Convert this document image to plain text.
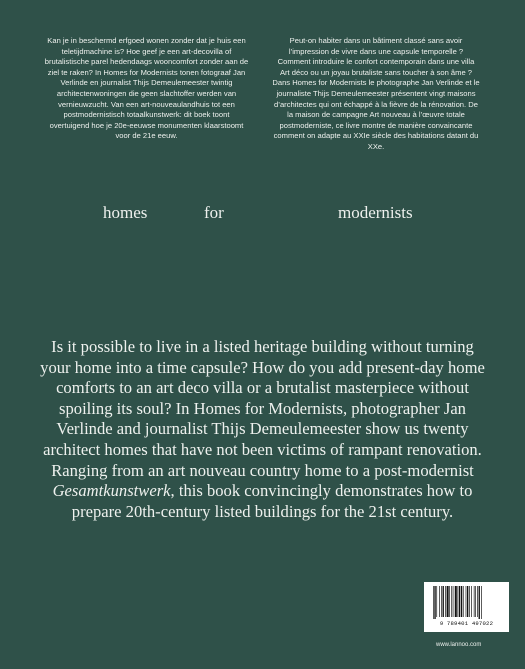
Kan je in beschermd erfgoed wonen zonder dat je huis een teletijdmachine is? Hoe geef je een art-decovilla of brutalistische parel hedendaags wooncomfort zonder aan de ziel te raken? In Homes for Modernists tonen fotograaf Jan Verlinde en journalist Thijs Demeulemeester twintig architectenwoningen die geen slachtoffer werden van vernieuwzucht. Van een art-nouveaulandhuis tot een postmodernistisch totaalkunstwerk: dit boek toont overtuigend hoe je 20e-eeuwse monumenten klaarstoomt voor de 21e eeuw.
Peut-on habiter dans un bâtiment classé sans avoir l’impression de vivre dans une capsule temporelle ? Comment introduire le confort contemporain dans une villa Art déco ou un joyau brutaliste sans toucher à son âme ? Dans Homes for Modernists le photographe Jan Verlinde et le journaliste Thijs Demeulemeester présentent vingt maisons d’architectes qui ont échappé à la fièvre de la rénovation. De la maison de campagne Art nouveau à l’œuvre totale postmoderniste, ce livre montre de manière convaincante comment on adapte au XXIe siècle des habitations datant du XXe.
homes	for	modernists
Is it possible to live in a listed heritage building without turning your home into a time capsule? How do you add present-day home comforts to an art deco villa or a brutalist masterpiece without spoiling its soul? In Homes for Modernists, photographer Jan Verlinde and journalist Thijs Demeulemeester show us twenty architect homes that have not been victims of rampant renovation. Ranging from an art nouveau country home to a post-modernist Gesamtkunstwerk, this book convincingly demonstrates how to prepare 20th-century listed buildings for the 21st century.
9 789401 497022
www.lannoo.com
